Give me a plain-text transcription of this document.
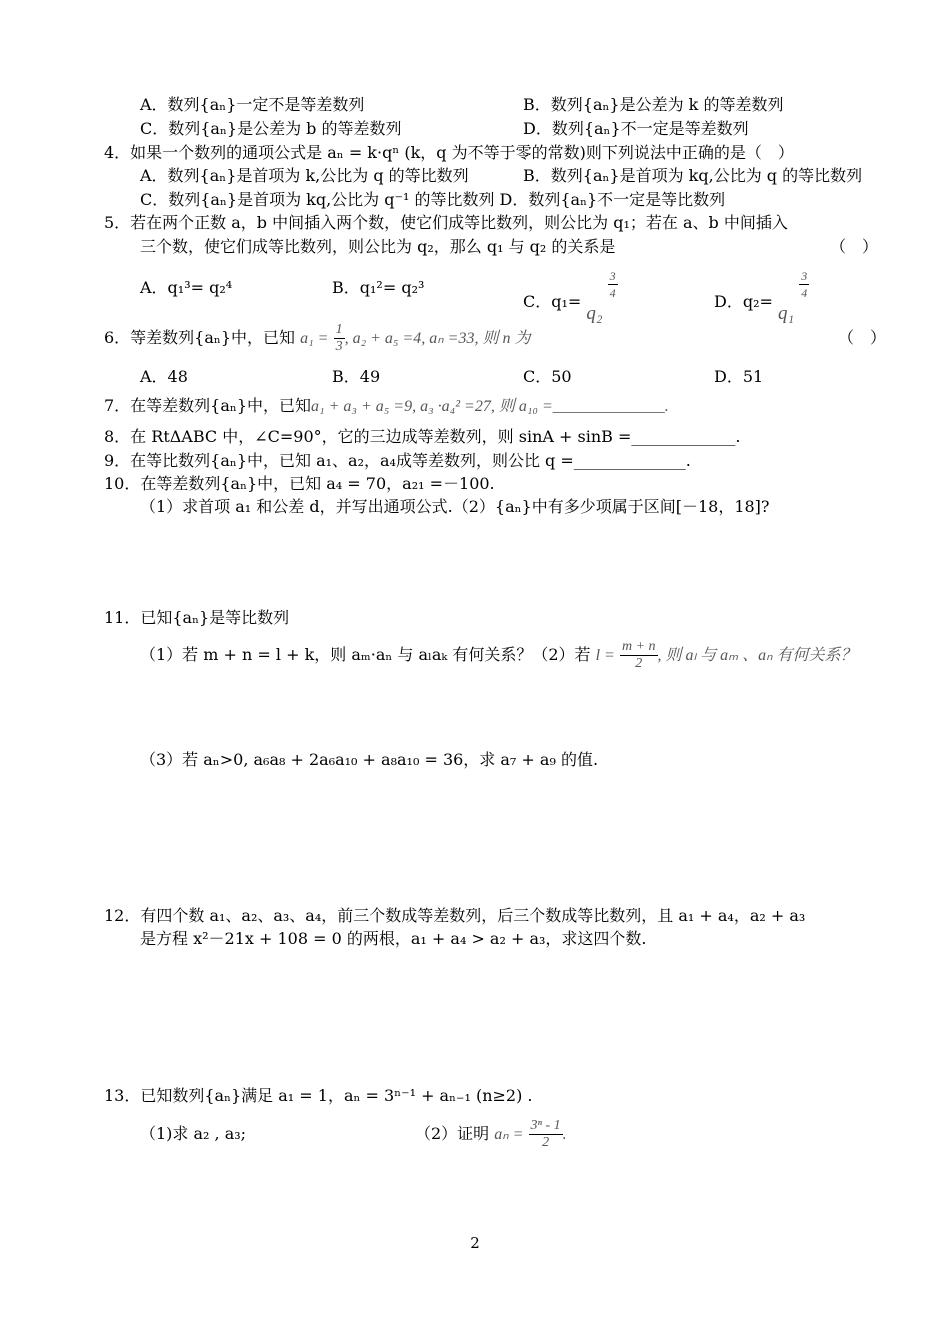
A．数列{aₙ}一定不是等差数列	B．数列{aₙ}是公差为 k 的等差数列
C．数列{aₙ}是公差为 b 的等差数列	D．数列{aₙ}不一定是等差数列
4．如果一个数列的通项公式是 aₙ = k·qⁿ (k，q 为不等于零的常数)则下列说法中正确的是（　）
A．数列{aₙ}是首项为 k,公比为 q 的等比数列	B．数列{aₙ}是首项为 kq,公比为 q 的等比数列
C．数列{aₙ}是首项为 kq,公比为 q⁻¹ 的等比数列 D．数列{aₙ}不一定是等比数列
5．若在两个正数 a，b 中间插入两个数，使它们成等比数列，则公比为 q₁；若在 a、b 中间插入
三个数，使它们成等比数列，则公比为 q₂，那么 q₁ 与 q₂ 的关系是	（　）
A．q₁³= q₂⁴	B．q₁²= q₂³
C．q₁= q₂
$\frac{3}{4}$
D．q₂= q₁
$\frac{3}{4}$
6．等差数列{aₙ}中，已知 $a_1 = \frac{1}{3}$ , a₂ + a₅ =4, aₙ =33, 则 n 为	（　）
A．48	B．49	C．50	D．51
7．在等差数列{aₙ}中，已知a₁ + a₃ + a₅ =9, a₃ ·a₄² =27, 则 a₁₀ =______________.
8．在 RtΔABC 中，∠C=90°，它的三边成等差数列，则 sinA + sinB =_____________.
9．在等比数列{aₙ}中，已知 a₁、a₂，a₄成等差数列，则公比 q =______________.
10．在等差数列{aₙ}中，已知 a₄ = 70，a₂₁ =－100.
（1）求首项 a₁ 和公差 d，并写出通项公式.（2）{aₙ}中有多少项属于区间[－18，18]?
11．已知{aₙ}是等比数列
（1）若 m + n = l + k，则 aₘ·aₙ 与 aₗaₖ 有何关系？（2）若 $l = \frac{m + n}{2}$ , 则 aₗ 与 aₘ 、aₙ 有何关系？
（3）若 aₙ>0, a₆a₈ + 2a₆a₁₀ + a₈a₁₀ = 36，求 a₇ + a₉ 的值.
12．有四个数 a₁、a₂、a₃、a₄，前三个数成等差数列，后三个数成等比数列，且 a₁ + a₄，a₂ + a₃
是方程 x²－21x + 108 = 0 的两根，a₁ + a₄ > a₂ + a₃，求这四个数.
13．已知数列{aₙ}满足 a₁ = 1，aₙ = 3ⁿ⁻¹ + aₙ₋₁ (n≥2) .
（1)求 a₂ , a₃;	（2）证明 $a_n = \frac{\text{3ⁿ - 1}}{2}$ .
2
